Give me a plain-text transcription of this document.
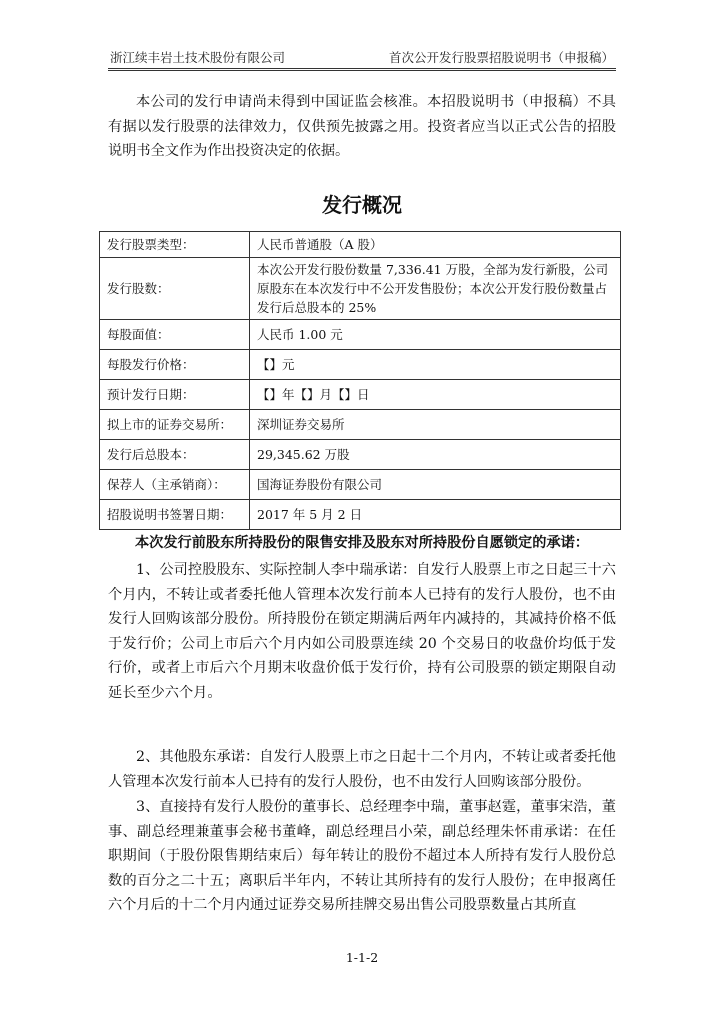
浙江续丰岩土技术股份有限公司	首次公开发行股票招股说明书（申报稿）

本公司的发行申请尚未得到中国证监会核准。本招股说明书（申报稿）不具有据以发行股票的法律效力，仅供预先披露之用。投资者应当以正式公告的招股说明书全文作为作出投资决定的依据。

发行概况
发行股票类型：	人民币普通股（A 股）
发行股数：	本次公开发行股份数量 7,336.41 万股，全部为发行新股，公司原股东在本次发行中不公开发售股份；本次公开发行股份数量占发行后总股本的 25%
每股面值：	人民币 1.00 元
每股发行价格：	【】元
预计发行日期：	【】年【】月【】日
拟上市的证券交易所：	深圳证券交易所
发行后总股本：	29,345.62 万股
保荐人（主承销商）：	国海证券股份有限公司
招股说明书签署日期：	2017 年 5 月 2 日

本次发行前股东所持股份的限售安排及股东对所持股份自愿锁定的承诺：

1、公司控股股东、实际控制人李中瑞承诺：自发行人股票上市之日起三十六个月内，不转让或者委托他人管理本次发行前本人已持有的发行人股份，也不由发行人回购该部分股份。所持股份在锁定期满后两年内减持的，其减持价格不低于发行价；公司上市后六个月内如公司股票连续 20 个交易日的收盘价均低于发行价，或者上市后六个月期末收盘价低于发行价，持有公司股票的锁定期限自动延长至少六个月。

2、其他股东承诺：自发行人股票上市之日起十二个月内，不转让或者委托他人管理本次发行前本人已持有的发行人股份，也不由发行人回购该部分股份。

3、直接持有发行人股份的董事长、总经理李中瑞，董事赵霆，董事宋浩，董事、副总经理兼董事会秘书董峰，副总经理吕小荣，副总经理朱怀甫承诺：在任职期间（于股份限售期结束后）每年转让的股份不超过本人所持有发行人股份总数的百分之二十五；离职后半年内，不转让其所持有的发行人股份；在申报离任六个月后的十二个月内通过证券交易所挂牌交易出售公司股票数量占其所直

1-1-2
